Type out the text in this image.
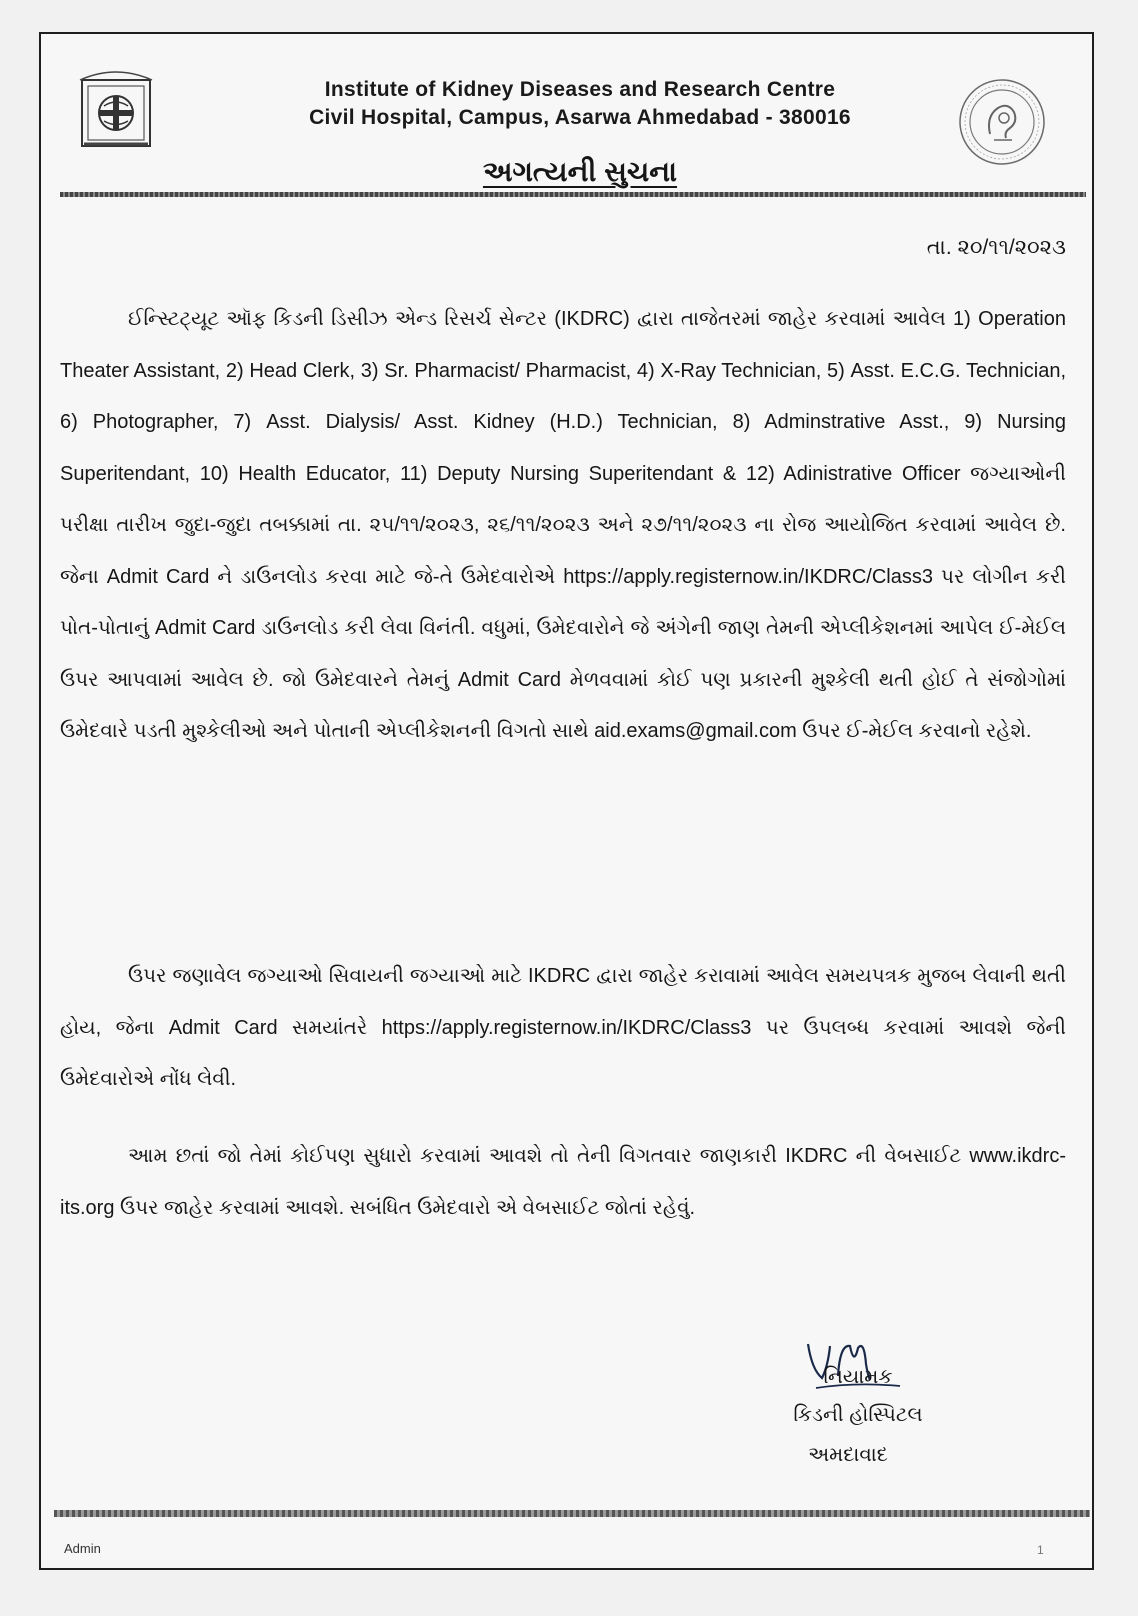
Institute of Kidney Diseases and Research Centre
Civil Hospital, Campus, Asarwa Ahmedabad - 380016
અગત્યની સુચના
તા. ૨૦/૧૧/૨૦૨૩
ઈન્સ્ટિટ્યૂટ ઑફ કિડની ડિસીઝ એન્ડ રિસર્ચ સેન્ટર (IKDRC) દ્વારા તાજેતરમાં જાહેર કરવામાં આવેલ 1) Operation Theater Assistant, 2) Head Clerk, 3) Sr. Pharmacist/ Pharmacist, 4) X-Ray Technician, 5) Asst. E.C.G. Technician, 6) Photographer, 7) Asst. Dialysis/ Asst. Kidney (H.D.) Technician, 8) Adminstrative Asst., 9) Nursing Superitendant, 10) Health Educator, 11) Deputy Nursing Superitendant & 12) Adinistrative Officer જગ્યાઓની પરીક્ષા તારીખ જુદા-જુદા તબક્કામાં તા. ૨૫/૧૧/૨૦૨૩, ૨૬/૧૧/૨૦૨૩ અને ૨૭/૧૧/૨૦૨૩ ના રોજ આયોજિત કરવામાં આવેલ છે. જેના Admit Card ને ડાઉનલોડ કરવા માટે જે-તે ઉમેદવારોએ https://apply.registernow.in/IKDRC/Class3 પર લોગીન કરી પોત-પોતાનું Admit Card ડાઉનલોડ કરી લેવા વિનંતી. વધુમાં, ઉમેદવારોને જે અંગેની જાણ તેમની એપ્લીકેશનમાં આપેલ ઈ-મેઈલ ઉપર આપવામાં આવેલ છે. જો ઉમેદવારને તેમનું Admit Card મેળવવામાં કોઈ પણ પ્રકારની મુશ્કેલી થતી હોઈ તે સંજોગોમાં ઉમેદવારે પડતી મુશ્કેલીઓ અને પોતાની એપ્લીકેશનની વિગતો સાથે aid.exams@gmail.com ઉપર ઈ-મેઈલ કરવાનો રહેશે.
ઉપર જણાવેલ જગ્યાઓ સિવાયની જગ્યાઓ માટે IKDRC દ્વારા જાહેર કરાવામાં આવેલ સમયપત્રક મુજબ લેવાની થતી હોય, જેના Admit Card સમયાંતરે https://apply.registernow.in/IKDRC/Class3 પર ઉપલબ્ધ કરવામાં આવશે જેની ઉમેદવારોએ નોંધ લેવી.
આમ છતાં જો તેમાં કોઈપણ સુધારો કરવામાં આવશે તો તેની વિગતવાર જાણકારી IKDRC ની વેબસાઈટ www.ikdrc-its.org ઉપર જાહેર કરવામાં આવશે. સબંધિત ઉમેદવારો એ વેબસાઈટ જોતાં રહેવું.
નિયામક
કિડની હોસ્પિટલ
અમદાવાદ
Admin	1
